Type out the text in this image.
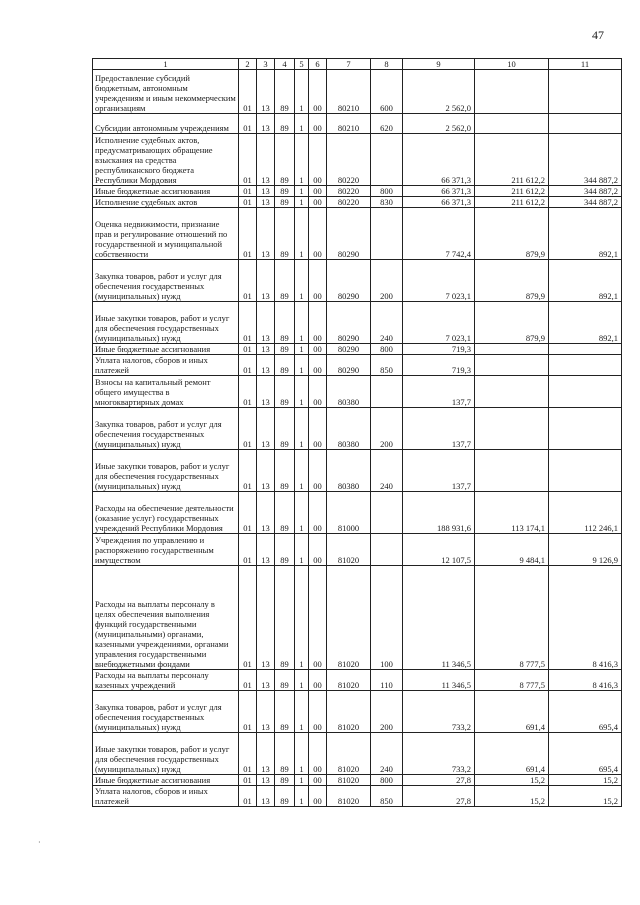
47
1	2	3	4	5	6	7	8	9	10	11
Предоставление субсидий бюджетным, автономным учреждениям и иным некоммерческим организациям	01	13	89	1	00	80210	600	2 562,0		
Субсидии автономным учреждениям	01	13	89	1	00	80210	620	2 562,0		
Исполнение судебных актов, предусматривающих обращение взыскания на средства республиканского бюджета Республики Мордовия	01	13	89	1	00	80220		66 371,3	211 612,2	344 887,2
Иные бюджетные ассигнования	01	13	89	1	00	80220	800	66 371,3	211 612,2	344 887,2
Исполнение судебных актов	01	13	89	1	00	80220	830	66 371,3	211 612,2	344 887,2
Оценка недвижимости, признание прав и регулирование отношений по государственной и муниципальной собственности	01	13	89	1	00	80290		7 742,4	879,9	892,1
Закупка товаров, работ и услуг для обеспечения государственных (муниципальных) нужд	01	13	89	1	00	80290	200	7 023,1	879,9	892,1
Иные закупки товаров, работ и услуг для обеспечения государственных (муниципальных) нужд	01	13	89	1	00	80290	240	7 023,1	879,9	892,1
Иные бюджетные ассигнования	01	13	89	1	00	80290	800	719,3		
Уплата налогов, сборов и иных платежей	01	13	89	1	00	80290	850	719,3		
Взносы на капитальный ремонт общего имущества в многоквартирных домах	01	13	89	1	00	80380		137,7		
Закупка товаров, работ и услуг для обеспечения государственных (муниципальных) нужд	01	13	89	1	00	80380	200	137,7		
Иные закупки товаров, работ и услуг для обеспечения государственных (муниципальных) нужд	01	13	89	1	00	80380	240	137,7		
Расходы на обеспечение деятельности (оказание услуг) государственных учреждений Республики Мордовия	01	13	89	1	00	81000		188 931,6	113 174,1	112 246,1
Учреждения по управлению и распоряжению государственным имуществом	01	13	89	1	00	81020		12 107,5	9 484,1	9 126,9
Расходы на выплаты персоналу в целях обеспечения выполнения функций государственными (муниципальными) органами, казенными учреждениями, органами управления государственными внебюджетными фондами	01	13	89	1	00	81020	100	11 346,5	8 777,5	8 416,3
Расходы на выплаты персоналу казенных учреждений	01	13	89	1	00	81020	110	11 346,5	8 777,5	8 416,3
Закупка товаров, работ и услуг для обеспечения государственных (муниципальных) нужд	01	13	89	1	00	81020	200	733,2	691,4	695,4
Иные закупки товаров, работ и услуг для обеспечения государственных (муниципальных) нужд	01	13	89	1	00	81020	240	733,2	691,4	695,4
Иные бюджетные ассигнования	01	13	89	1	00	81020	800	27,8	15,2	15,2
Уплата налогов, сборов и иных платежей	01	13	89	1	00	81020	850	27,8	15,2	15,2
·
